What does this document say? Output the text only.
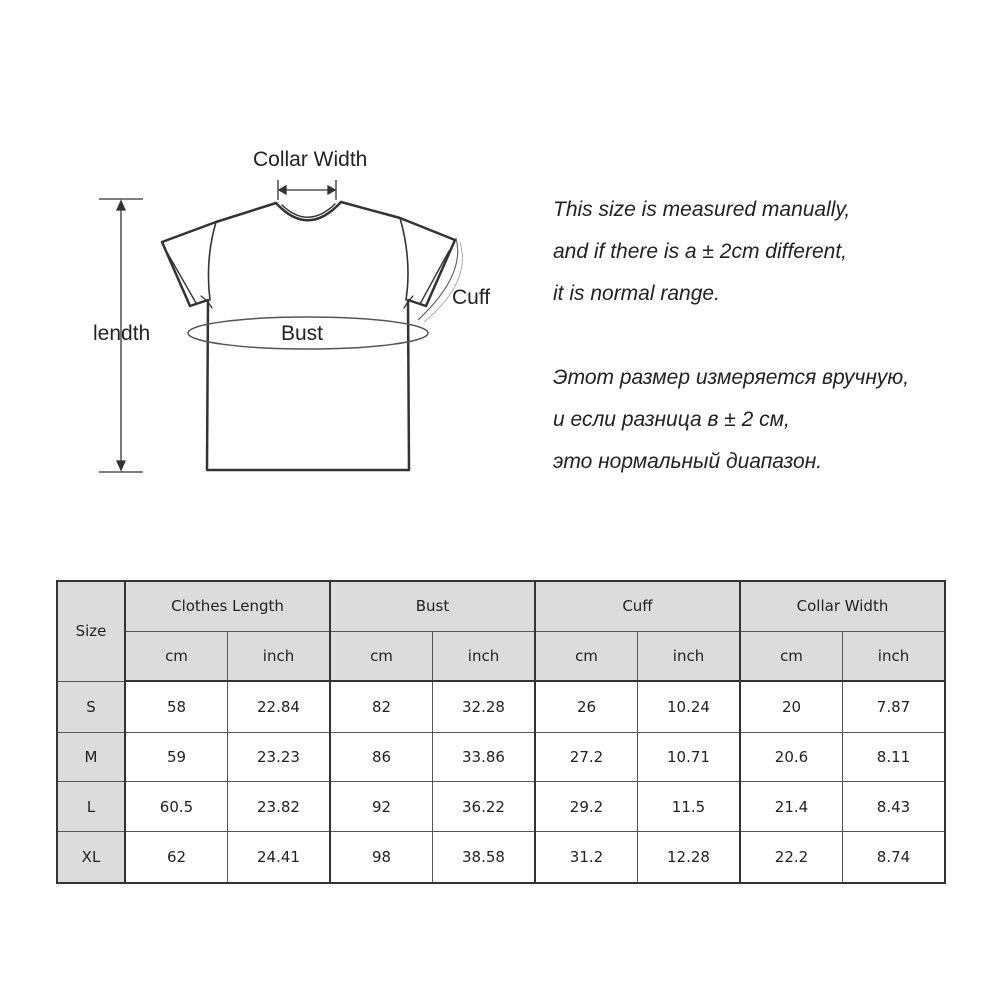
Collar Width
Cuff
lendth	Bust
This size is measured manually,
and if there is a ± 2cm different,
it is normal range.
Этот размер измеряется вручную,
и если разница в ± 2 см,
это нормальный диапазон.
Size	Clothes Length		Bust		Cuff		Collar Width	
	cm	inch	cm	inch	cm	inch	cm	inch
S	58	22.84	82	32.28	26	10.24	20	7.87
M	59	23.23	86	33.86	27.2	10.71	20.6	8.11
L	60.5	23.82	92	36.22	29.2	11.5	21.4	8.43
XL	62	24.41	98	38.58	31.2	12.28	22.2	8.74
